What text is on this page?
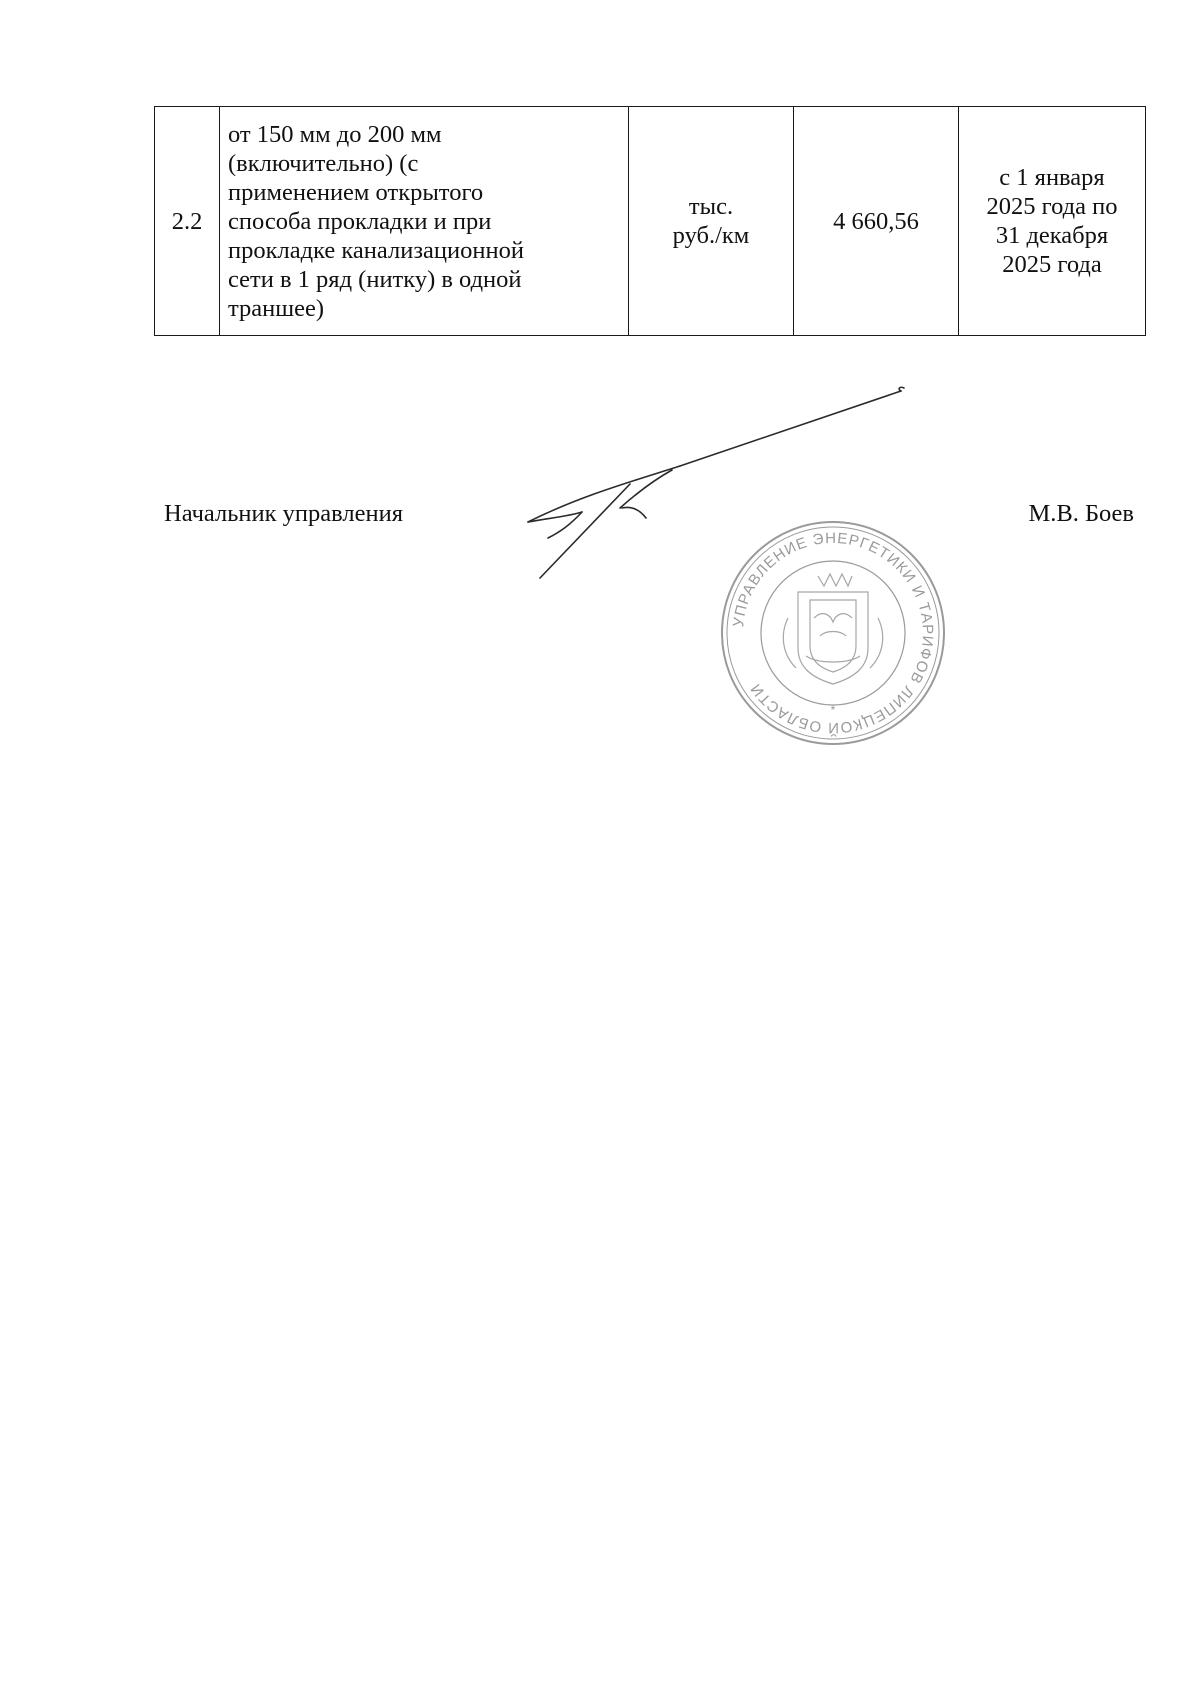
2.2	от 150 мм до 200 мм
(включительно) (с
применением открытого
способа прокладки и при
прокладке канализационной
сети в 1 ряд (нитку) в одной
траншее)	тыс.
руб./км	4 660,56	с 1 января
2025 года по
31 декабря
2025 года
Начальник управления	М.В. Боев
УПРАВЛЕНИЕ ЭНЕРГЕТИКИ И ТАРИФОВ ЛИПЕЦКОЙ ОБЛАСТИ
*
